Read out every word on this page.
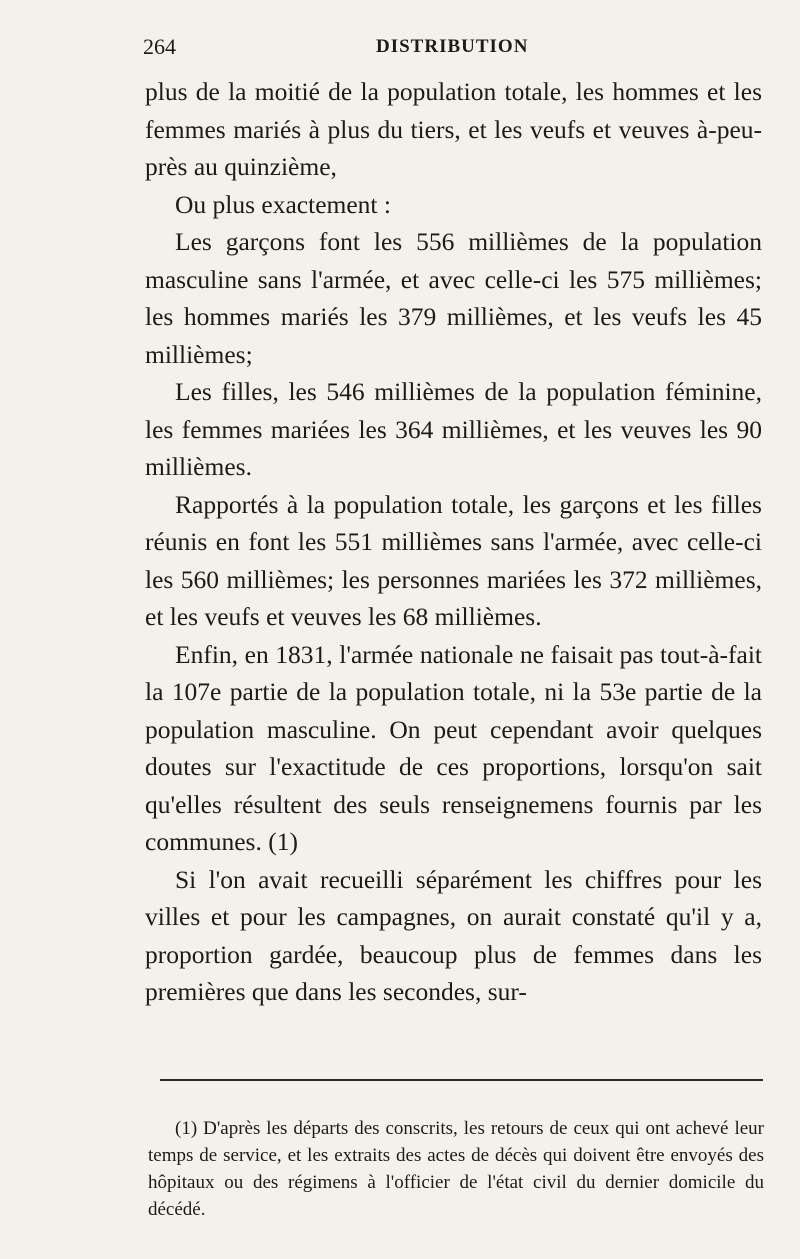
264	DISTRIBUTION

plus de la moitié de la population totale, les hommes et les femmes mariés à plus du tiers, et les veufs et veuves à-peu-près au quinzième,

Ou plus exactement :

Les garçons font les 556 millièmes de la population masculine sans l'armée, et avec celle-ci les 575 millièmes; les hommes mariés les 379 millièmes, et les veufs les 45 millièmes;

Les filles, les 546 millièmes de la population féminine, les femmes mariées les 364 millièmes, et les veuves les 90 millièmes.

Rapportés à la population totale, les garçons et les filles réunis en font les 551 millièmes sans l'armée, avec celle-ci les 560 millièmes; les personnes mariées les 372 millièmes, et les veufs et veuves les 68 millièmes.

Enfin, en 1831, l'armée nationale ne faisait pas tout-à-fait la 107e partie de la population totale, ni la 53e partie de la population masculine. On peut cependant avoir quelques doutes sur l'exactitude de ces proportions, lorsqu'on sait qu'elles résultent des seuls renseignemens fournis par les communes. (1)

Si l'on avait recueilli séparément les chiffres pour les villes et pour les campagnes, on aurait constaté qu'il y a, proportion gardée, beaucoup plus de femmes dans les premières que dans les secondes, sur-

(1) D'après les départs des conscrits, les retours de ceux qui ont achevé leur temps de service, et les extraits des actes de décès qui doivent être envoyés des hôpitaux ou des régimens à l'officier de l'état civil du dernier domicile du décédé.
